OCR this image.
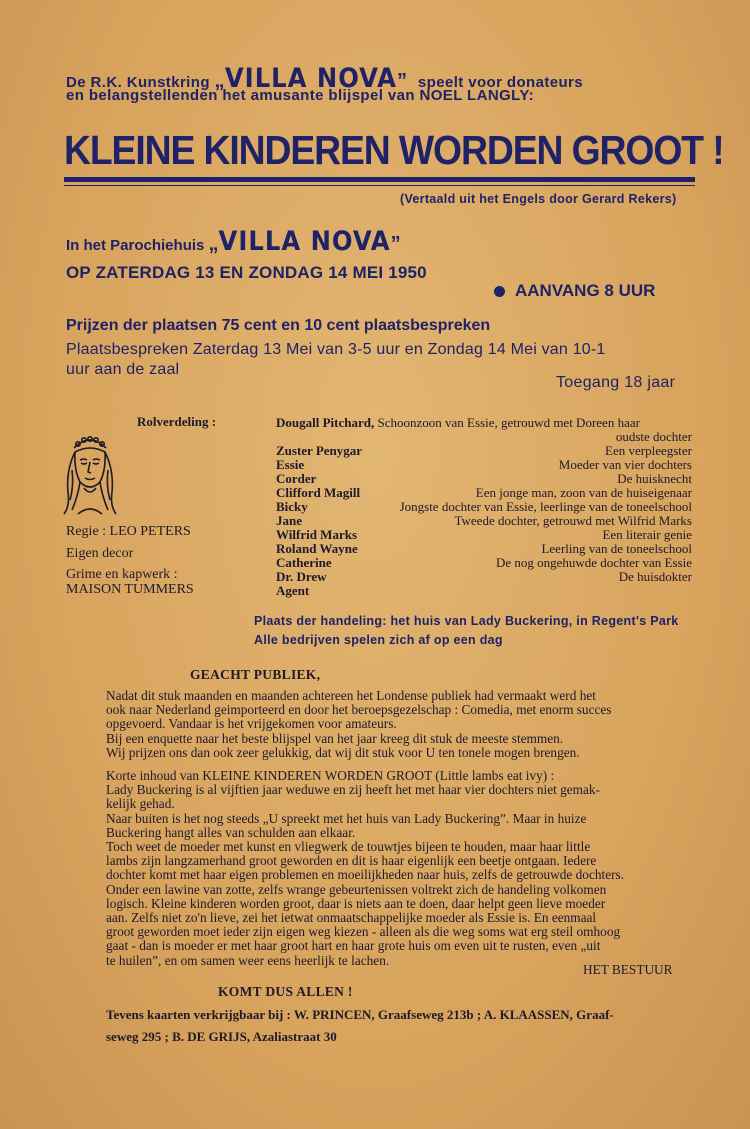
De R.K. Kunstkring „VILLA NOVA” speelt voor donateurs
en belangstellenden het amusante blijspel van NOEL LANGLY:
KLEINE KINDEREN WORDEN GROOT !
(Vertaald uit het Engels door Gerard Rekers)
In het Parochiehuis „VILLA NOVA”
OP ZATERDAG 13 EN ZONDAG 14 MEI 1950
AANVANG 8 UUR
Prijzen der plaatsen 75 cent en 10 cent plaatsbespreken
Plaatsbespreken Zaterdag 13 Mei van 3-5 uur en Zondag 14 Mei van 10-1
uur aan de zaal
Toegang 18 jaar
Rolverdeling :
Regie : LEO PETERS
Eigen decor
Grime en kapwerk :
MAISON TUMMERS
Dougall Pitchard, Schoonzoon van Essie, getrouwd met Doreen haar
oudste dochter
Zuster Penygar	Een verpleegster
Essie	Moeder van vier dochters
Corder	De huisknecht
Clifford Magill	Een jonge man, zoon van de huiseigenaar
Bicky	Jongste dochter van Essie, leerlinge van de toneelschool
Jane	Tweede dochter, getrouwd met Wilfrid Marks
Wilfrid Marks	Een literair genie
Roland Wayne	Leerling van de toneelschool
Catherine	De nog ongehuwde dochter van Essie
Dr. Drew	De huisdokter
Agent
Plaats der handeling: het huis van Lady Buckering, in Regent's Park
Alle bedrijven spelen zich af op een dag
GEACHT PUBLIEK,

Nadat dit stuk maanden en maanden achtereen het Londense publiek had vermaakt werd het

ook naar Nederland geimporteerd en door het beroepsgezelschap : Comedia, met enorm succes

opgevoerd. Vandaar is het vrijgekomen voor amateurs.

Bij een enquette naar het beste blijspel van het jaar kreeg dit stuk de meeste stemmen.

Wij prijzen ons dan ook zeer gelukkig, dat wij dit stuk voor U ten tonele mogen brengen.

Korte inhoud van KLEINE KINDEREN WORDEN GROOT (Little lambs eat ivy) :

Lady Buckering is al vijftien jaar weduwe en zij heeft het met haar vier dochters niet gemak-

kelijk gehad.

Naar buiten is het nog steeds „U spreekt met het huis van Lady Buckering”. Maar in huize

Buckering hangt alles van schulden aan elkaar.

Toch weet de moeder met kunst en vliegwerk de touwtjes bijeen te houden, maar haar little

lambs zijn langzamerhand groot geworden en dit is haar eigenlijk een beetje ontgaan. Iedere

dochter komt met haar eigen problemen en moeilijkheden naar huis, zelfs de getrouwde dochters.

Onder een lawine van zotte, zelfs wrange gebeurtenissen voltrekt zich de handeling volkomen

logisch. Kleine kinderen worden groot, daar is niets aan te doen, daar helpt geen lieve moeder

aan. Zelfs niet zo'n lieve, zei het ietwat onmaatschappelijke moeder als Essie is. En eenmaal

groot geworden moet ieder zijn eigen weg kiezen - alleen als die weg soms wat erg steil omhoog

gaat - dan is moeder er met haar groot hart en haar grote huis om even uit te rusten, even „uit

te huilen”, en om samen weer eens heerlijk te lachen.

HET BESTUUR
KOMT DUS ALLEN !
Tevens kaarten verkrijgbaar bij : W. PRINCEN, Graafseweg 213b ; A. KLAASSEN, Graaf-
seweg 295 ; B. DE GRIJS, Azaliastraat 30
